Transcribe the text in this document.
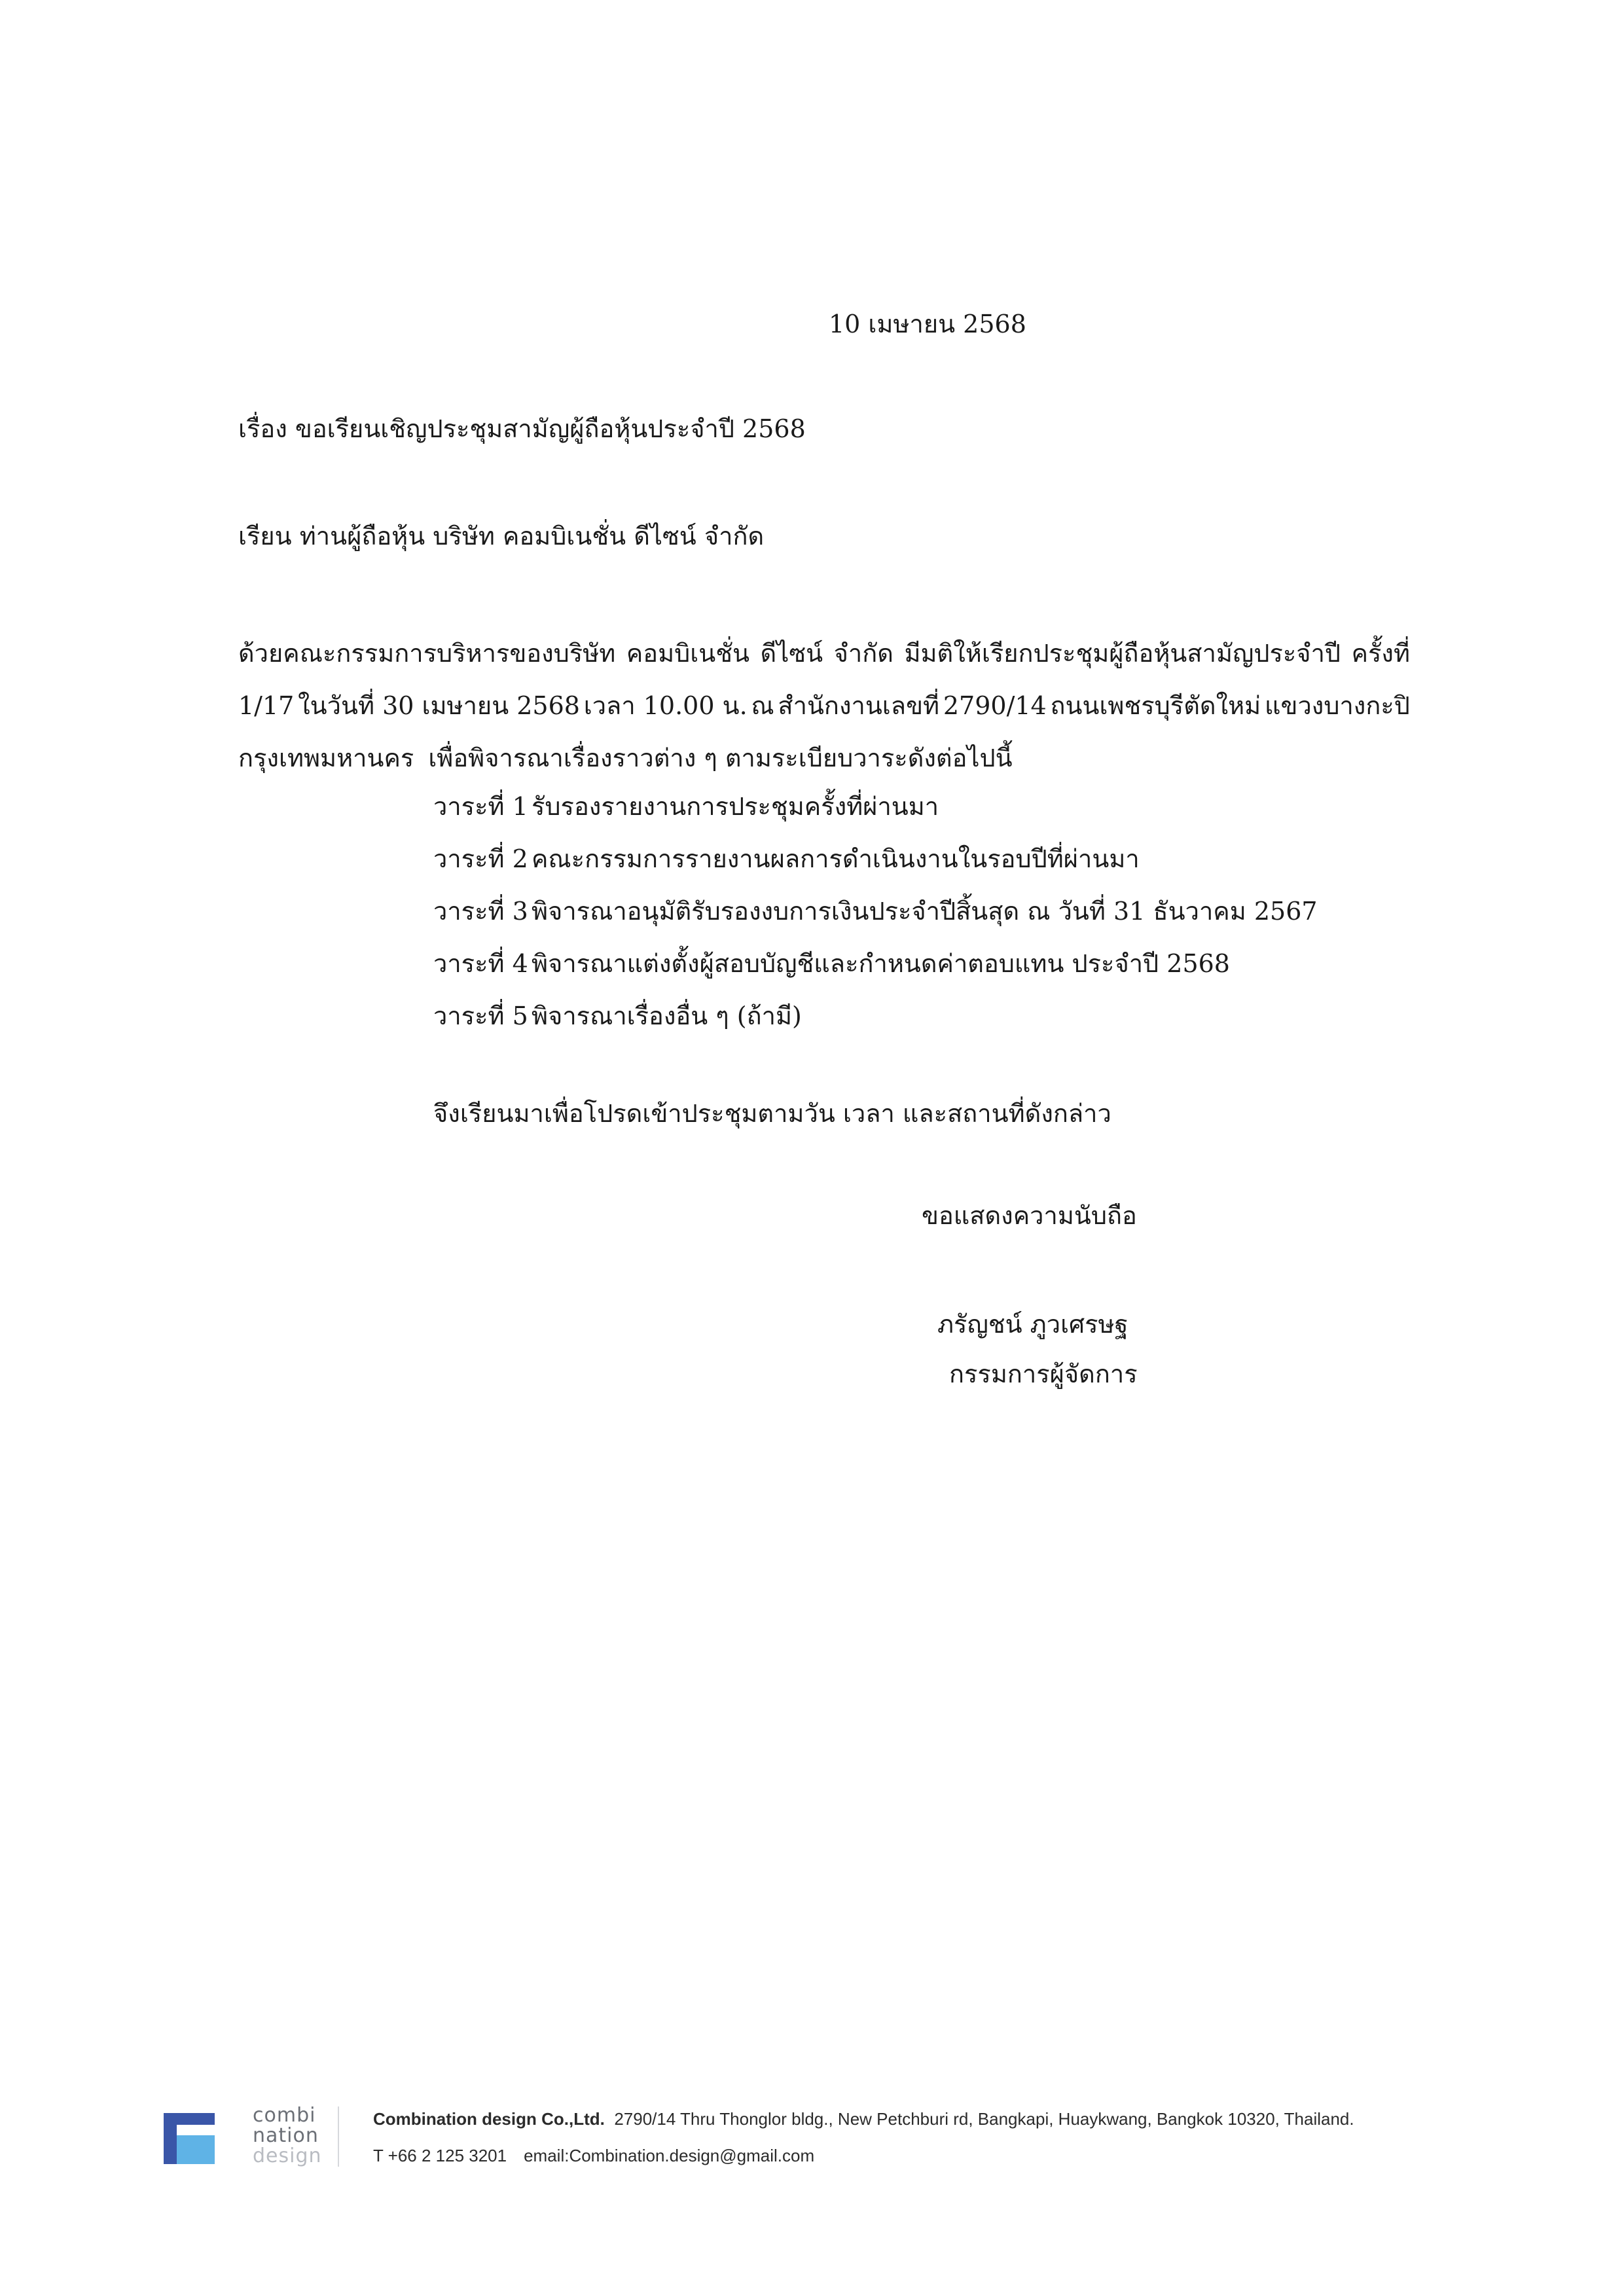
10 เมษายน 2568
เรื่อง ขอเรียนเชิญประชุมสามัญผู้ถือหุ้นประจำปี 2568
เรียน ท่านผู้ถือหุ้น บริษัท คอมบิเนชั่น ดีไซน์ จำกัด
ด้วยคณะกรรมการบริหารของบริษัท คอมบิเนชั่น ดีไซน์ จำกัด มีมติให้เรียกประชุมผู้ถือหุ้นสามัญประจำปี ครั้งที่
1/17 ในวันที่ 30 เมษายน 2568 เวลา 10.00 น. ณ สำนักงานเลขที่ 2790/14 ถนนเพชรบุรีตัดใหม่ แขวงบางกะปิ
กรุงเทพมหานคร เพื่อพิจารณาเรื่องราวต่าง ๆ ตามระเบียบวาระดังต่อไปนี้
วาระที่ 1 รับรองรายงานการประชุมครั้งที่ผ่านมา
วาระที่ 2 คณะกรรมการรายงานผลการดำเนินงานในรอบปีที่ผ่านมา
วาระที่ 3 พิจารณาอนุมัติรับรองงบการเงินประจำปีสิ้นสุด ณ วันที่ 31 ธันวาคม 2567
วาระที่ 4 พิจารณาแต่งตั้งผู้สอบบัญชีและกำหนดค่าตอบแทน ประจำปี 2568
วาระที่ 5 พิจารณาเรื่องอื่น ๆ (ถ้ามี)
จึงเรียนมาเพื่อโปรดเข้าประชุมตามวัน เวลา และสถานที่ดังกล่าว
ขอแสดงความนับถือ
ภรัญชน์ ภูวเศรษฐ
กรรมการผู้จัดการ
combi
nation
design
Combination design Co.,Ltd. 2790/14 Thru Thonglor bldg., New Petchburi rd, Bangkapi, Huaykwang, Bangkok 10320, Thailand.
T +66 2 125 3201 email:Combination.design@gmail.com
